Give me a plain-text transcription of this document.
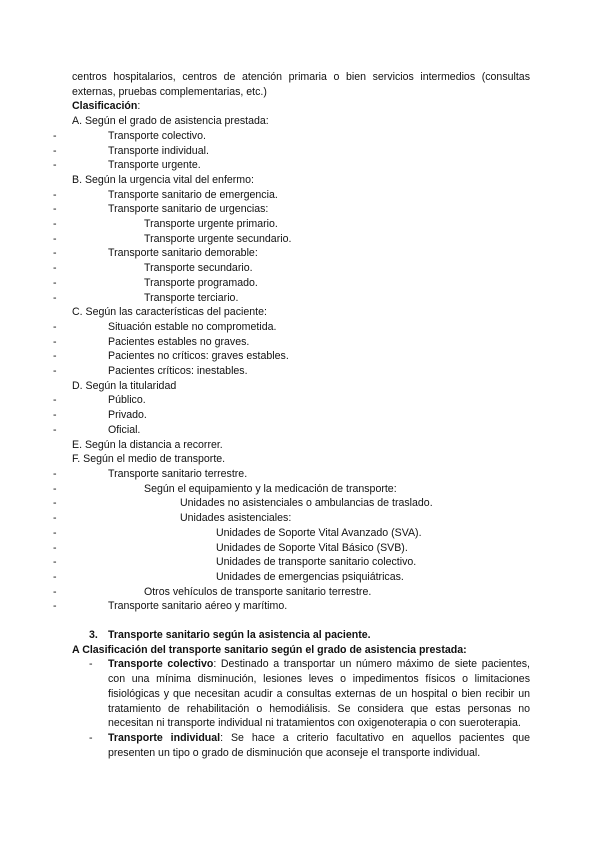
centros hospitalarios, centros de atención primaria o bien servicios intermedios (consultas externas, pruebas complementarias, etc.)

Clasificación:

A. Según el grado de asistencia prestada:

- Transporte colectivo.
- Transporte individual.
- Transporte urgente.

B. Según la urgencia vital del enfermo:

- Transporte sanitario de emergencia.
- Transporte sanitario de urgencias:
- Transporte urgente primario.
- Transporte urgente secundario.
- Transporte sanitario demorable:
- Transporte secundario.
- Transporte programado.
- Transporte terciario.

C. Según las características del paciente:

- Situación estable no comprometida.
- Pacientes estables no graves.
- Pacientes no críticos: graves estables.
- Pacientes críticos: inestables.

D. Según la titularidad

- Público.
- Privado.
- Oficial.

E. Según la distancia a recorrer.

F. Según el medio de transporte.

- Transporte sanitario terrestre.
- Según el equipamiento y la medicación de transporte:
- Unidades no asistenciales o ambulancias de traslado.
- Unidades asistenciales:
- Unidades de Soporte Vital Avanzado (SVA).
- Unidades de Soporte Vital Básico (SVB).
- Unidades de transporte sanitario colectivo.
- Unidades de emergencias psiquiátricas.
- Otros vehículos de transporte sanitario terrestre.
- Transporte sanitario aéreo y marítimo.

3. Transporte sanitario según la asistencia al paciente.

A Clasificación del transporte sanitario según el grado de asistencia prestada:

- Transporte colectivo: Destinado a transportar un número máximo de siete pacientes, con una mínima disminución, lesiones leves o impedimentos físicos o limitaciones fisiológicas y que necesitan acudir a consultas externas de un hospital o bien recibir un tratamiento de rehabilitación o hemodiálisis. Se considera que estas personas no necesitan ni transporte individual ni tratamientos con oxigenoterapia o con sueroterapia.

- Transporte individual: Se hace a criterio facultativo en aquellos pacientes que presenten un tipo o grado de disminución que aconseje el transporte individual.
